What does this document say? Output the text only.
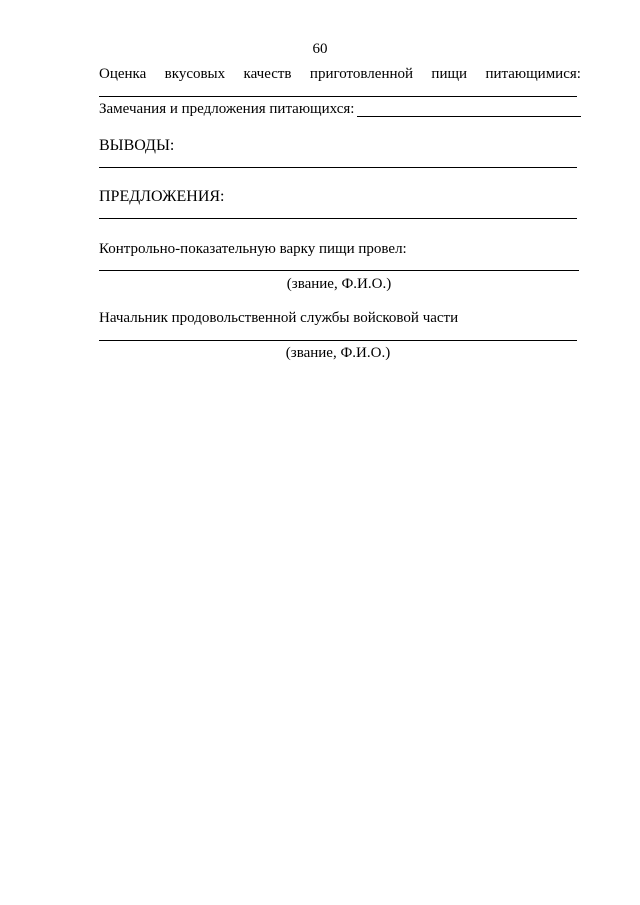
60
Оценка вкусовых качеств приготовленной пищи питающимися:
Замечания и предложения питающихся:
ВЫВОДЫ:
ПРЕДЛОЖЕНИЯ:
Контрольно-показательную варку пищи провел:
(звание, Ф.И.О.)
Начальник продовольственной службы войсковой части
(звание, Ф.И.О.)
